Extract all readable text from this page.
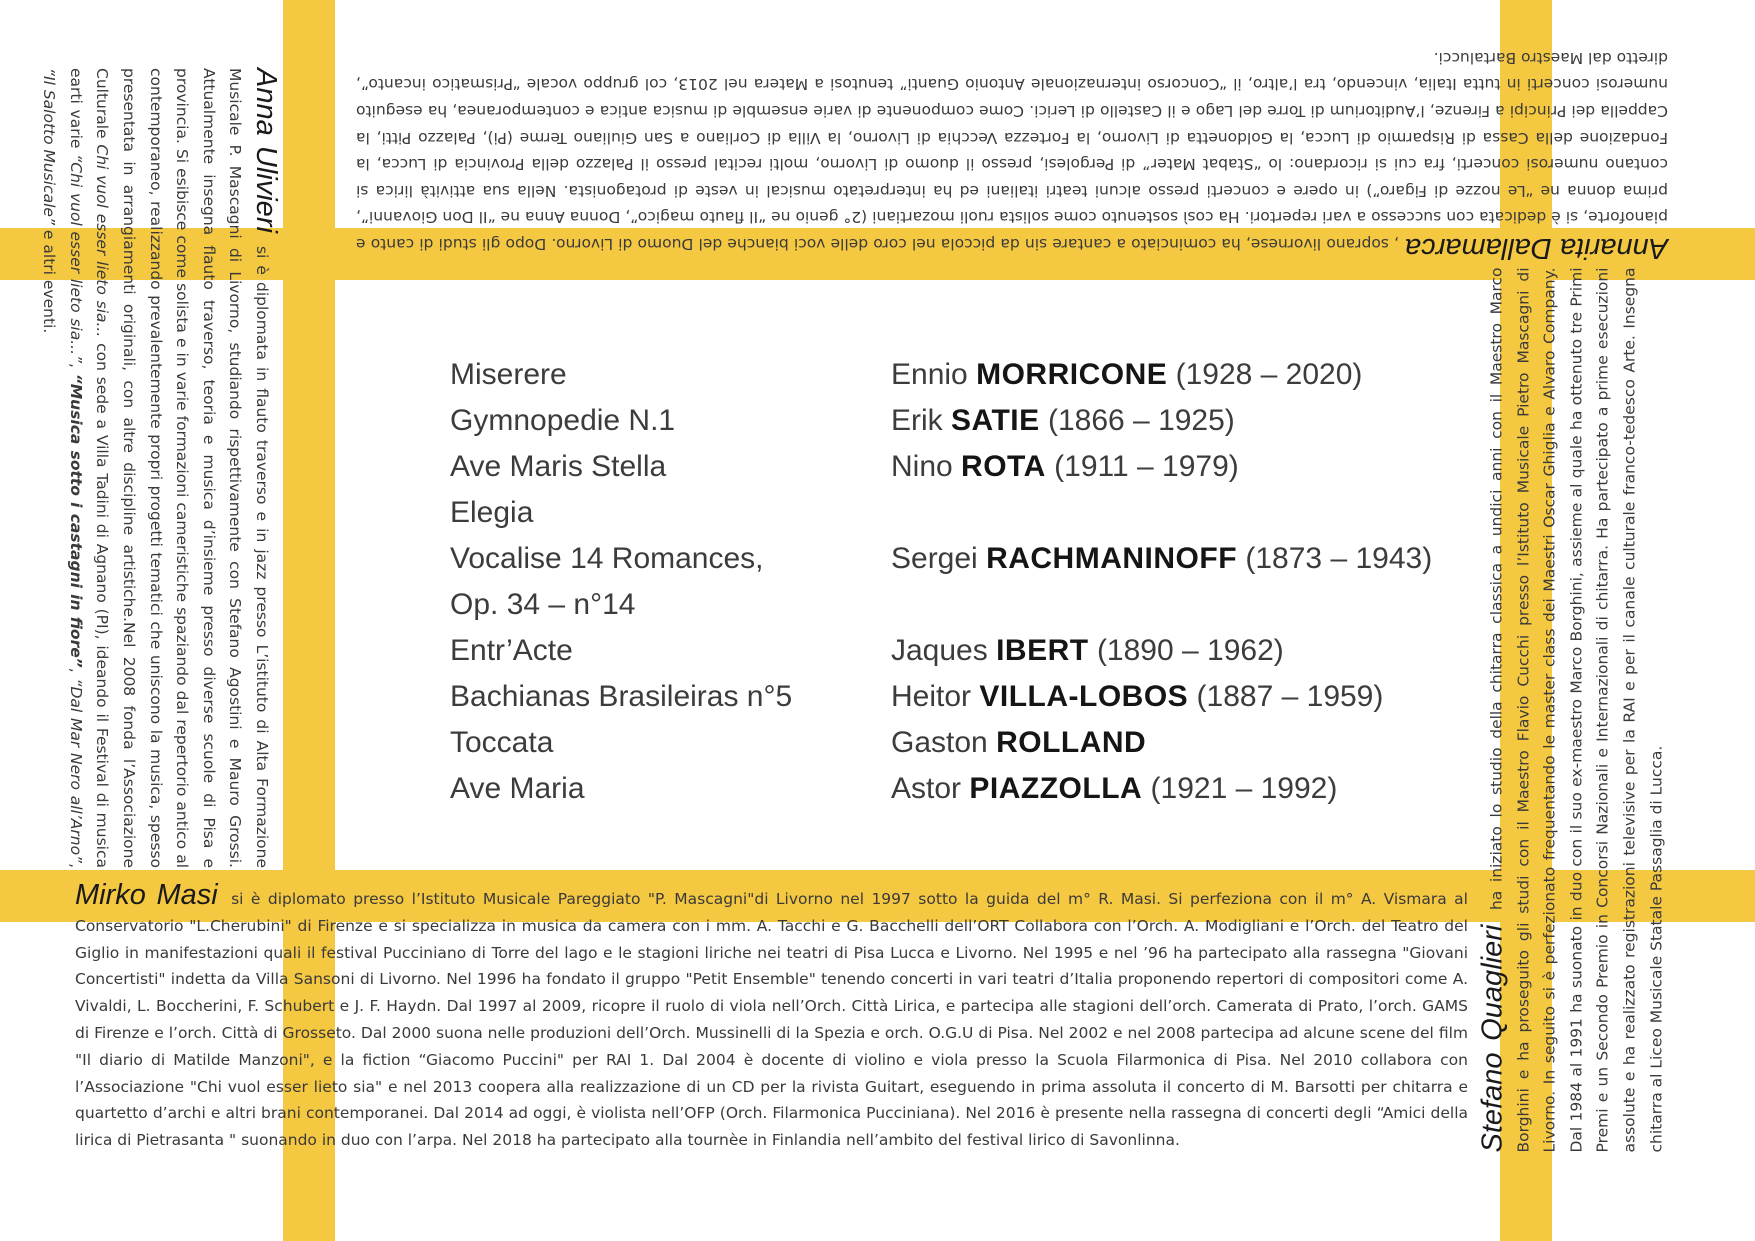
Annarita Dallamarca, soprano livornese, ha cominciato a cantare sin da piccola nel coro delle voci bianche del Duomo di Livorno. Dopo gli studi di canto e pianoforte, si è dedicata con successo a vari repertori. Ha così sostenuto come solista ruoli mozartiani (2° genio ne “Il flauto magico”, Donna Anna ne “Il Don Giovanni”, prima donna ne “Le nozze di Figaro”) in opere e concerti presso alcuni teatri italiani ed ha interpretato musical in veste di protagonista. Nella sua attività lirica si contano numerosi concerti, fra cui si ricordano: lo “Stabat Mater” di Pergolesi, presso il duomo di Livorno, molti recital presso il Palazzo della Provincia di Lucca, la Fondazione della Cassa di Risparmio di Lucca, la Goldonetta di Livorno, la Fortezza Vecchia di Livorno, la Villa di Corliano a San Giuliano Terme (Pi), Palazzo Pitti, la Cappella dei Principi a Firenze, l’Auditorium di Torre del Lago e il Castello di Lerici. Come componente di varie ensemble di musica antica e contemporanea, ha eseguito numerosi concerti in tutta Italia, vincendo, tra l’altro, il “Concorso internazionale Antonio Guanti” tenutosi a Matera nel 2013, col gruppo vocale “Prismatico incanto”, diretto dal Maestro Bartalucci.
Anna Ulivieri si è diplomata in flauto traverso e in jazz presso L’istituto di Alta Formazione Musicale P. Mascagni di Livorno, studiando rispettivamente con Stefano Agostini e Mauro Grossi. Attualmente insegna flauto traverso, teoria e musica d’insieme presso diverse scuole di Pisa e provincia. Si esibisce come solista e in varie formazioni cameristiche spaziando dal repertorio antico al contemporaneo, realizzando prevalentemente propri progetti tematici che uniscono la musica, spesso presentata in arrangiamenti originali, con altre discipline artistiche.Nel 2008 fonda l’Associazione Culturale Chi vuol esser lieto sia... con sede a Villa Tadini di Agnano (PI), ideando il Festival di musica earti varie “Chi vuol esser lieto sia...”, “Musica sotto i castagni in fiore”, “Dal Mar Nero all’Arno”, “Il Salotto Musicale” e altri eventi.
Stefano Quaglieri ha iniziato lo studio della chitarra classica a undici anni con il Maestro Marco Borghini e ha proseguito gli studi con il Maestro Flavio Cucchi presso l’Istituto Musicale Pietro Mascagni di Livorno. In seguito si è perfezionato frequentando le master class dei Maestri Oscar Ghiglia e Alvaro Company. Dal 1984 al 1991 ha suonato in duo con il suo ex-maestro Marco Borghini, assieme al quale ha ottenuto tre Primi Premi e un Secondo Premio in Concorsi Nazionali e Internazionali di chitarra. Ha partecipato a prime esecuzioni assolute e ha realizzato registrazioni televisive per la RAI e per il canale culturale franco-tedesco Arte. Insegna chitarra al Liceo Musicale Statale Passaglia di Lucca.
Miserere	Ennio MORRICONE (1928 – 2020)
Gymnopedie N.1	Erik SATIE (1866 – 1925)
Ave Maris Stella	Nino ROTA (1911 – 1979)
Elegia
Vocalise 14 Romances,	Sergei RACHMANINOFF (1873 – 1943)
Op. 34 – n°14
Entr’Acte	Jaques IBERT (1890 – 1962)
Bachianas Brasileiras n°5	Heitor VILLA-LOBOS (1887 – 1959)
Toccata	Gaston ROLLAND
Ave Maria	Astor PIAZZOLLA (1921 – 1992)
Mirko Masi si è diplomato presso l’Istituto Musicale Pareggiato "P. Mascagni"di Livorno nel 1997 sotto la guida del m° R. Masi. Si perfeziona con il m° A. Vismara al Conservatorio "L.Cherubini" di Firenze e si specializza in musica da camera con i mm. A. Tacchi e G. Bacchelli dell’ORT Collabora con l’Orch. A. Modigliani e l’Orch. del Teatro del Giglio in manifestazioni quali il festival Pucciniano di Torre del lago e le stagioni liriche nei teatri di Pisa Lucca e Livorno. Nel 1995 e nel ’96 ha partecipato alla rassegna "Giovani Concertisti" indetta da Villa Sansoni di Livorno. Nel 1996 ha fondato il gruppo "Petit Ensemble" tenendo concerti in vari teatri d’Italia proponendo repertori di compositori come A. Vivaldi, L. Boccherini, F. Schubert e J. F. Haydn. Dal 1997 al 2009, ricopre il ruolo di viola nell’Orch. Città Lirica, e partecipa alle stagioni dell’orch. Camerata di Prato, l’orch. GAMS di Firenze e l’orch. Città di Grosseto. Dal 2000 suona nelle produzioni dell’Orch. Mussinelli di la Spezia e orch. O.G.U di Pisa. Nel 2002 e nel 2008 partecipa ad alcune scene del film "Il diario di Matilde Manzoni", e la fiction “Giacomo Puccini" per RAI 1. Dal 2004 è docente di violino e viola presso la Scuola Filarmonica di Pisa. Nel 2010 collabora con l’Associazione "Chi vuol esser lieto sia" e nel 2013 coopera alla realizzazione di un CD per la rivista Guitart, eseguendo in prima assoluta il concerto di M. Barsotti per chitarra e quartetto d’archi e altri brani contemporanei. Dal 2014 ad oggi, è violista nell’OFP (Orch. Filarmonica Pucciniana). Nel 2016 è presente nella rassegna di concerti degli “Amici della lirica di Pietrasanta " suonando in duo con l’arpa. Nel 2018 ha partecipato alla tournèe in Finlandia nell’ambito del festival lirico di Savonlinna.
